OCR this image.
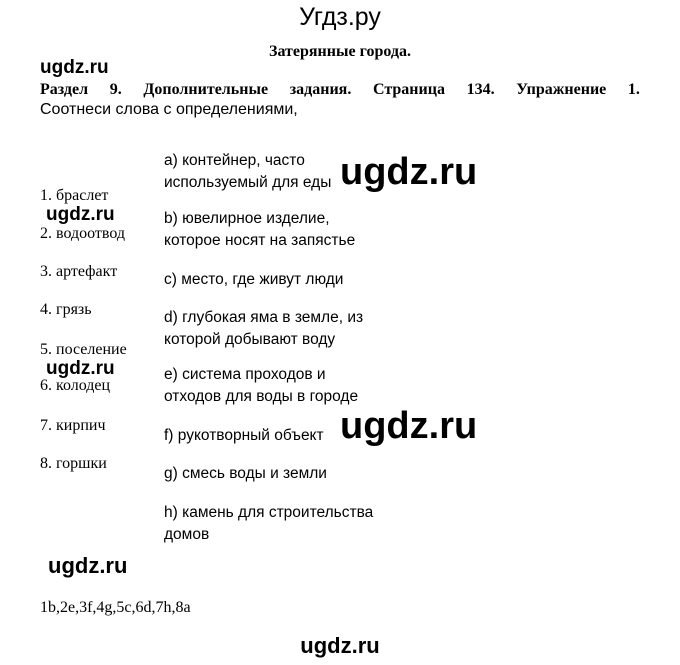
Угдз.ру
Затерянные города.
ugdz.ru
Раздел 9. Дополнительные задания. Страница 134. Упражнение 1.
Соотнеси слова с определениями,
1. браслет
ugdz.ru
2. водоотвод
3. артефакт
4. грязь
5. поселение
ugdz.ru
6. колодец
7. кирпич
8. горшки
a) контейнер, часто
используемый для еды ugdz.ru
b) ювелирное изделие,
которое носят на запястье
c) место, где живут люди
d) глубокая яма в земле, из
которой добывают воду
e) система проходов и
отходов для воды в городе
f) рукотворный объект ugdz.ru
g) смесь воды и земли
h) камень для строительства
домов
ugdz.ru
1b,2e,3f,4g,5c,6d,7h,8a
ugdz.ru
